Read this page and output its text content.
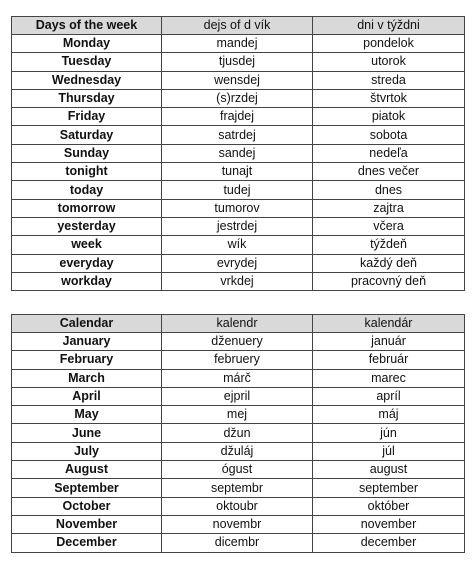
Days of the week	dejs of d vík	dni v týždni
Monday	mandej	pondelok
Tuesday	tjusdej	utorok
Wednesday	wensdej	streda
Thursday	(s)rzdej	štvrtok
Friday	frajdej	piatok
Saturday	satrdej	sobota
Sunday	sandej	nedeľa
tonight	tunajt	dnes večer
today	tudej	dnes
tomorrow	tumorov	zajtra
yesterday	jestrdej	včera
week	wík	týždeň
everyday	evrydej	každý deň
workday	vrkdej	pracovný deň
Calendar	kalendr	kalendár
January	dženuery	január
February	februery	február
March	márč	marec
April	ejpril	apríl
May	mej	máj
June	džun	jún
July	džuláj	júl
August	ógust	august
September	septembr	september
October	oktoubr	október
November	novembr	november
December	dicembr	december
